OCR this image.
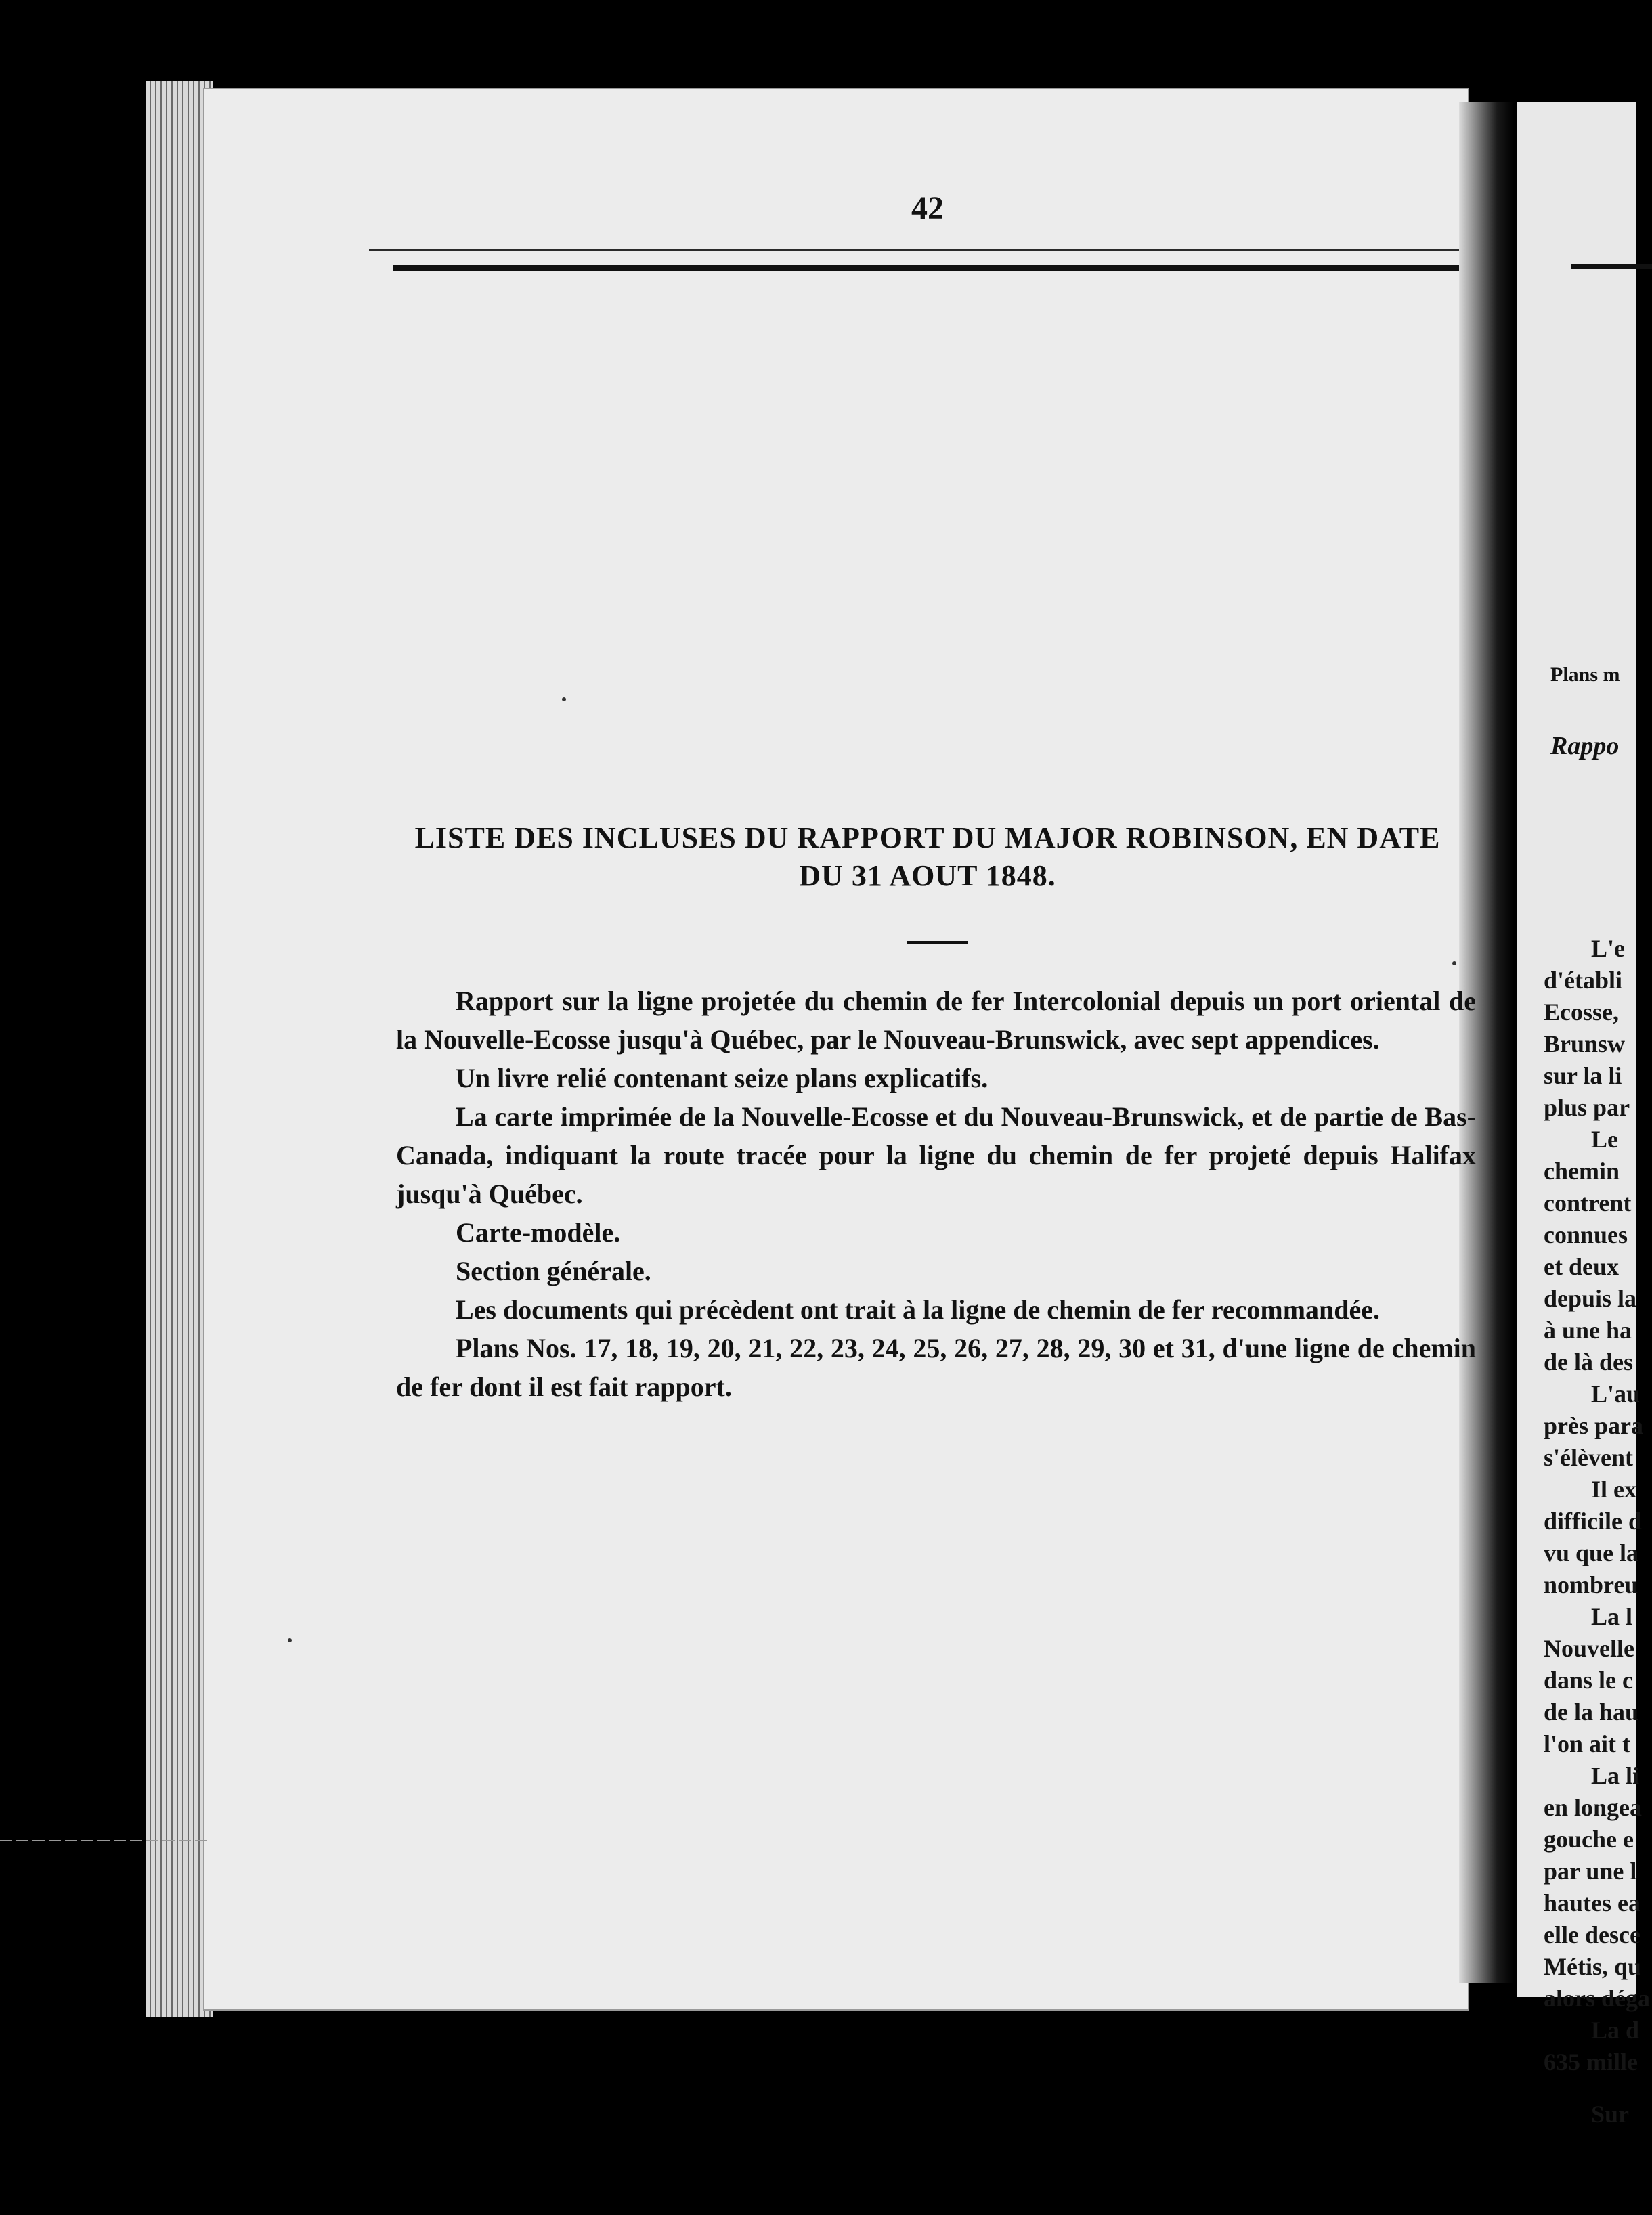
42
LISTE DES INCLUSES DU RAPPORT DU MAJOR ROBINSON, EN DATE
DU 31 AOUT 1848.

Rapport sur la ligne projetée du chemin de fer Intercolonial depuis un port oriental de la Nouvelle-Ecosse jusqu'à Québec, par le Nouveau-Brunswick, avec sept appendices.

Un livre relié contenant seize plans explicatifs.

La carte imprimée de la Nouvelle-Ecosse et du Nouveau-Brunswick, et de partie de Bas-Canada, indiquant la route tracée pour la ligne du chemin de fer projeté depuis Halifax jusqu'à Québec.

Carte-modèle.

Section générale.

Les documents qui précèdent ont trait à la ligne de chemin de fer recommandée.

Plans Nos. 17, 18, 19, 20, 21, 22, 23, 24, 25, 26, 27, 28, 29, 30 et 31, d'une ligne de chemin de fer dont il est fait rapport.

Plans m
Rappo
L'e
d'établi
Ecosse,
Brunsw
sur la li
plus par
Le
chemin
contrent
connues
et deux
depuis la
à une ha
de là des
L'au
près para
s'élèvent
Il ex
difficile d
vu que la
nombreu
La l
Nouvelle
dans le c
de la hau
l'on ait t
La li
en longea
gouche e
par une l
hautes ea
elle desce
Métis, qu
alors déga
La d
635 mille
Sur
